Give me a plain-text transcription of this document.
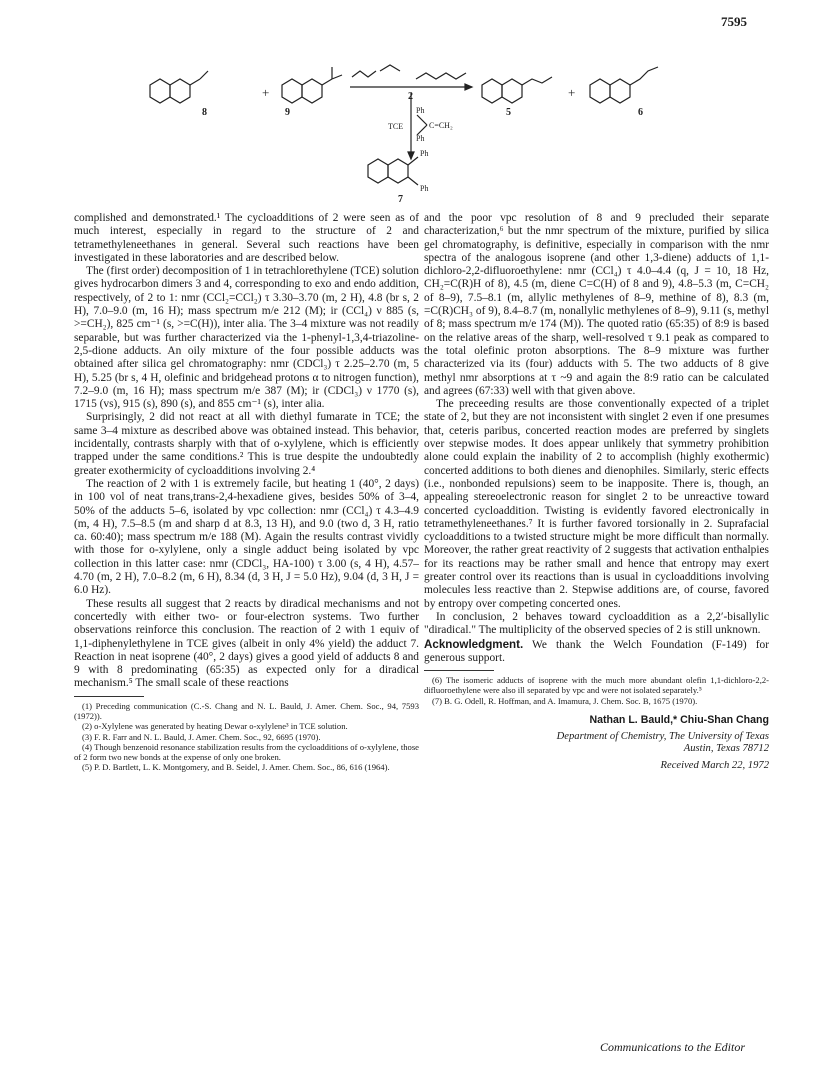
7595
8
+
9
2
5
+
6
7
TCE
Ph
Ph
C=CH₂
Ph
Ph

complished and demonstrated.¹ The cycloadditions of 2 were seen as of much interest, especially in regard to the structure of 2 and tetramethyleneethanes in general. Several such reactions have been investigated in these laboratories and are described below.

The (first order) decomposition of 1 in tetrachlorethylene (TCE) solution gives hydrocarbon dimers 3 and 4, corresponding to exo and endo addition, respectively, of 2 to 1: nmr (CCl₂=CCl₂) τ 3.30–3.70 (m, 2 H), 4.8 (br s, 2 H), 7.0–9.0 (m, 16 H); mass spectrum m/e 212 (M); ir (CCl₄) ν 885 (s, >=CH₂), 825 cm⁻¹ (s, >=C(H)), inter alia. The 3–4 mixture was not readily separable, but was further characterized via the 1-phenyl-1,3,4-triazoline-2,5-dione adducts. An oily mixture of the four possible adducts was obtained after silica gel chromatography: nmr (CDCl₃) τ 2.25–2.70 (m, 5 H), 5.25 (br s, 4 H, olefinic and bridgehead protons α to nitrogen function), 7.2–9.0 (m, 16 H); mass spectrum m/e 387 (M); ir (CDCl₃) ν 1770 (s), 1715 (vs), 915 (s), 890 (s), and 855 cm⁻¹ (s), inter alia.

Surprisingly, 2 did not react at all with diethyl fumarate in TCE; the same 3–4 mixture as described above was obtained instead. This behavior, incidentally, contrasts sharply with that of o-xylylene, which is efficiently trapped under the same conditions.² This is true despite the undoubtedly greater exothermicity of cycloadditions involving 2.⁴

The reaction of 2 with 1 is extremely facile, but heating 1 (40°, 2 days) in 100 vol of neat trans,trans-2,4-hexadiene gives, besides 50% of 3–4, 50% of the adducts 5–6, isolated by vpc collection: nmr (CCl₄) τ 4.3–4.9 (m, 4 H), 7.5–8.5 (m and sharp d at 8.3, 13 H), and 9.0 (two d, 3 H, ratio ca. 60:40); mass spectrum m/e 188 (M). Again the results contrast vividly with those for o-xylylene, only a single adduct being isolated by vpc collection in this latter case: nmr (CDCl₃, HA-100) τ 3.00 (s, 4 H), 4.57–4.70 (m, 2 H), 7.0–8.2 (m, 6 H), 8.34 (d, 3 H, J = 5.0 Hz), 9.04 (d, 3 H, J = 6.0 Hz).

These results all suggest that 2 reacts by diradical mechanisms and not concertedly with either two- or four-electron systems. Two further observations reinforce this conclusion. The reaction of 2 with 1 equiv of 1,1-diphenylethylene in TCE gives (albeit in only 4% yield) the adduct 7. Reaction in neat isoprene (40°, 2 days) gives a good yield of adducts 8 and 9 with 8 predominating (65:35) as expected only for a diradical mechanism.⁵ The small scale of these reactions

(1) Preceding communication (C.-S. Chang and N. L. Bauld, J. Amer. Chem. Soc., 94, 7593 (1972)).

(2) o-Xylylene was generated by heating Dewar o-xylylene³ in TCE solution.

(3) F. R. Farr and N. L. Bauld, J. Amer. Chem. Soc., 92, 6695 (1970).

(4) Though benzenoid resonance stabilization results from the cycloadditions of o-xylylene, those of 2 form two new bonds at the expense of only one broken.

(5) P. D. Bartlett, L. K. Montgomery, and B. Seidel, J. Amer. Chem. Soc., 86, 616 (1964).

and the poor vpc resolution of 8 and 9 precluded their separate characterization,⁶ but the nmr spectrum of the mixture, purified by silica gel chromatography, is definitive, especially in comparison with the nmr spectra of the analogous isoprene (and other 1,3-diene) adducts of 1,1-dichloro-2,2-difluoroethylene: nmr (CCl₄) τ 4.0–4.4 (q, J = 10, 18 Hz, CH₂=C(R)H of 8), 4.5 (m, diene C=C(H) of 8 and 9), 4.8–5.3 (m, C=CH₂ of 8–9), 7.5–8.1 (m, allylic methylenes of 8–9, methine of 8), 8.3 (m, =C(R)CH₃ of 9), 8.4–8.7 (m, nonallylic methylenes of 8–9), 9.11 (s, methyl of 8; mass spectrum m/e 174 (M)). The quoted ratio (65:35) of 8:9 is based on the relative areas of the sharp, well-resolved τ 9.1 peak as compared to the total olefinic proton absorptions. The 8–9 mixture was further characterized via its (four) adducts with 5. The two adducts of 8 give methyl nmr absorptions at τ ~9 and again the 8:9 ratio can be calculated and agrees (67:33) well with that given above.

The preceeding results are those conventionally expected of a triplet state of 2, but they are not inconsistent with singlet 2 even if one presumes that, ceteris paribus, concerted reaction modes are preferred by singlets over stepwise modes. It does appear unlikely that symmetry prohibition alone could explain the inability of 2 to accomplish (highly exothermic) concerted additions to both dienes and dienophiles. Similarly, steric effects (i.e., nonbonded repulsions) seem to be inapposite. There is, though, an appealing stereoelectronic reason for singlet 2 to be unreactive toward concerted cycloaddition. Twisting is evidently favored electronically in tetramethyleneethanes.⁷ It is further favored torsionally in 2. Suprafacial cycloadditions to a twisted structure might be more difficult than normally. Moreover, the rather great reactivity of 2 suggests that activation enthalpies for its reactions may be rather small and hence that entropy may exert greater control over its reactions than is usual in cycloadditions involving molecules less reactive than 2. Stepwise additions are, of course, favored by entropy over competing concerted ones.

In conclusion, 2 behaves toward cycloaddition as a 2,2′-bisallylic "diradical." The multiplicity of the observed species of 2 is still unknown.

Acknowledgment. We thank the Welch Foundation (F-149) for generous support.

(6) The isomeric adducts of isoprene with the much more abundant olefin 1,1-dichloro-2,2-difluoroethylene were also ill separated by vpc and were not isolated separately.⁵

(7) B. G. Odell, R. Hoffman, and A. Imamura, J. Chem. Soc. B, 1675 (1970).

Nathan L. Bauld,* Chiu-Shan Chang
Department of Chemistry, The University of Texas
Austin, Texas 78712
Received March 22, 1972
Communications to the Editor
